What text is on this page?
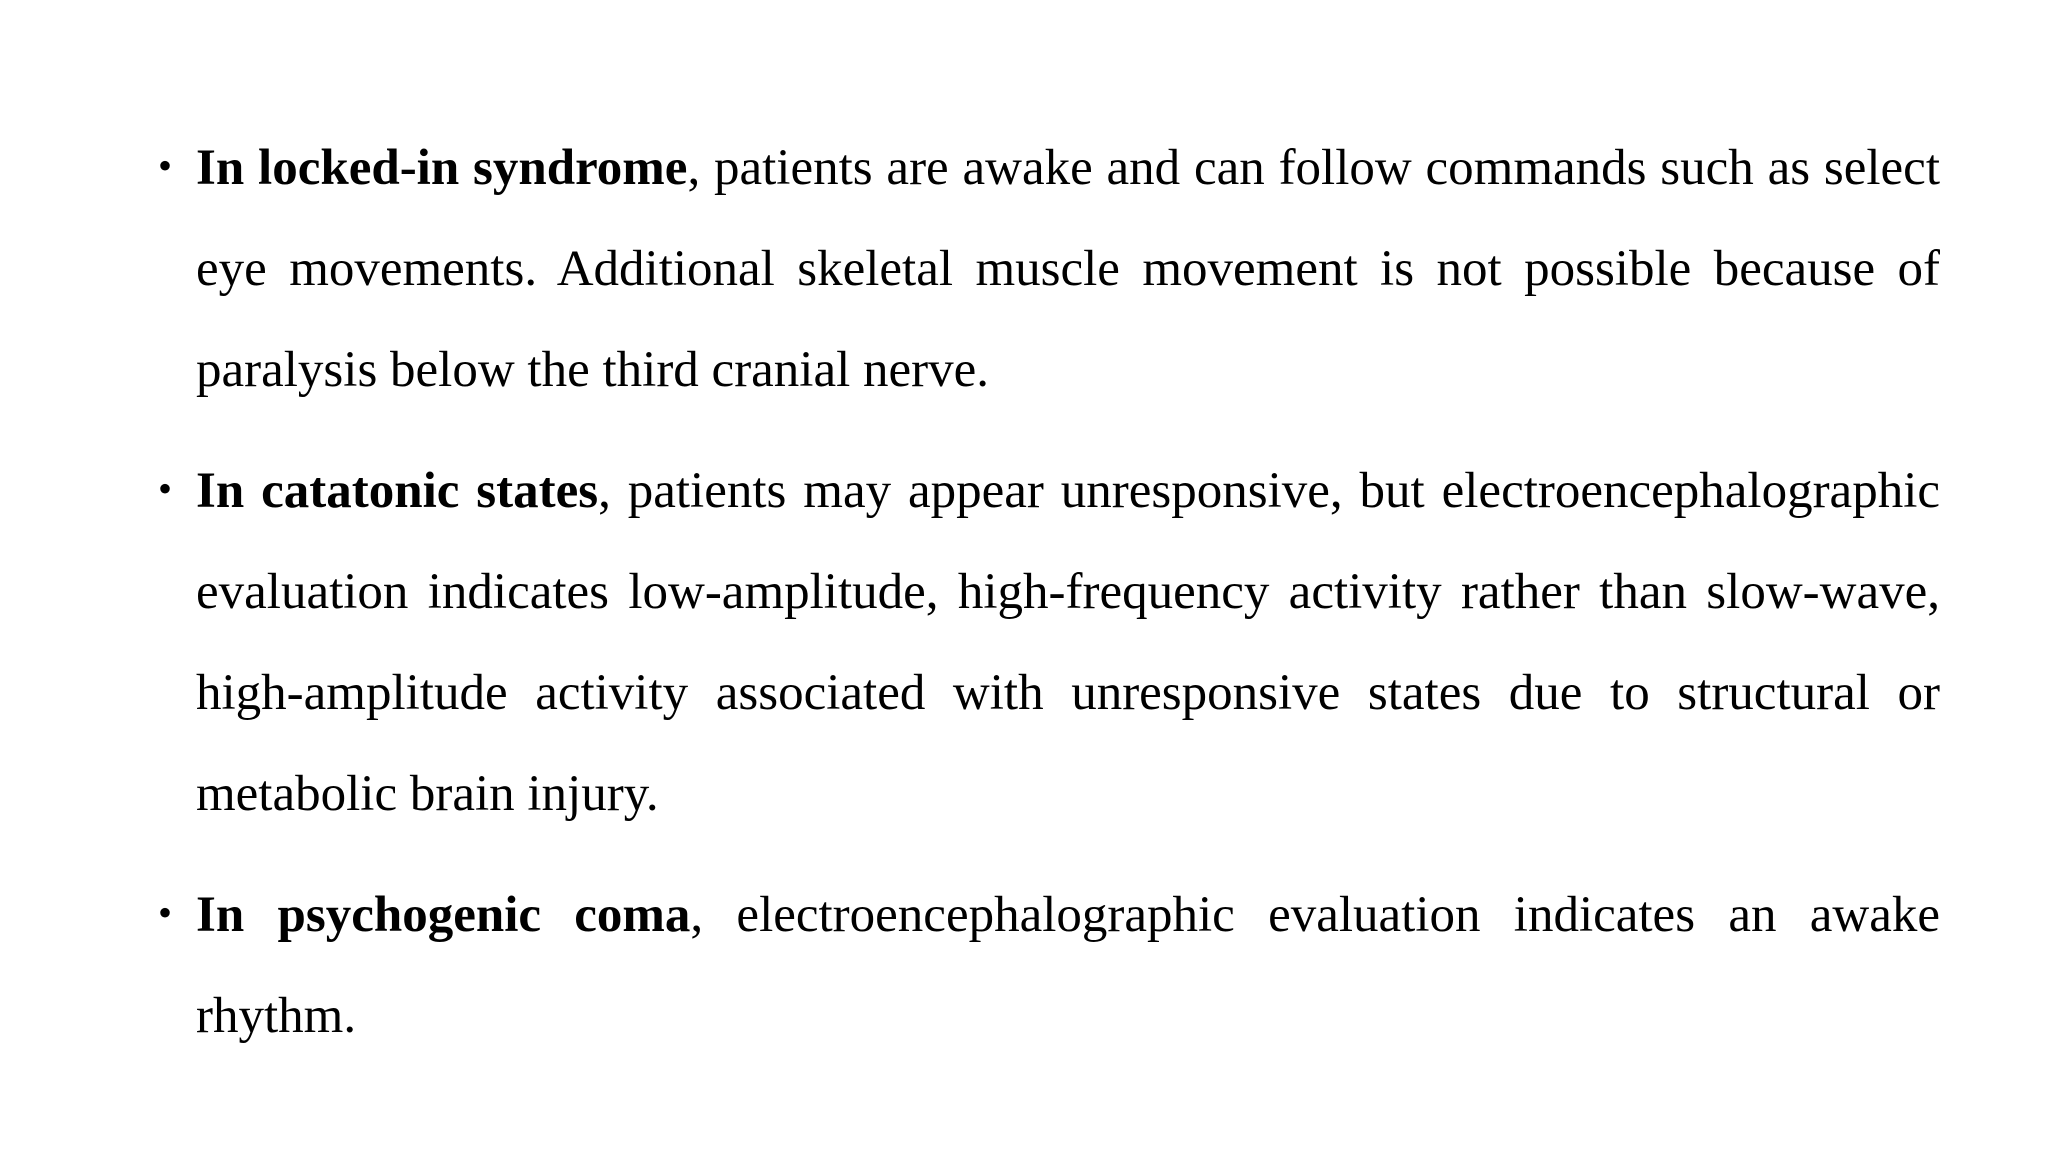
• In locked-in syndrome, patients are awake and can follow commands such as select eye movements. Additional skeletal muscle movement is not possible because of paralysis below the third cranial nerve.
• In catatonic states, patients may appear unresponsive, but electroencephalographic evaluation indicates low-amplitude, high-frequency activity rather than slow-wave, high-amplitude activity associated with unresponsive states due to structural or metabolic brain injury.
• In psychogenic coma, electroencephalographic evaluation indicates an awake rhythm.
